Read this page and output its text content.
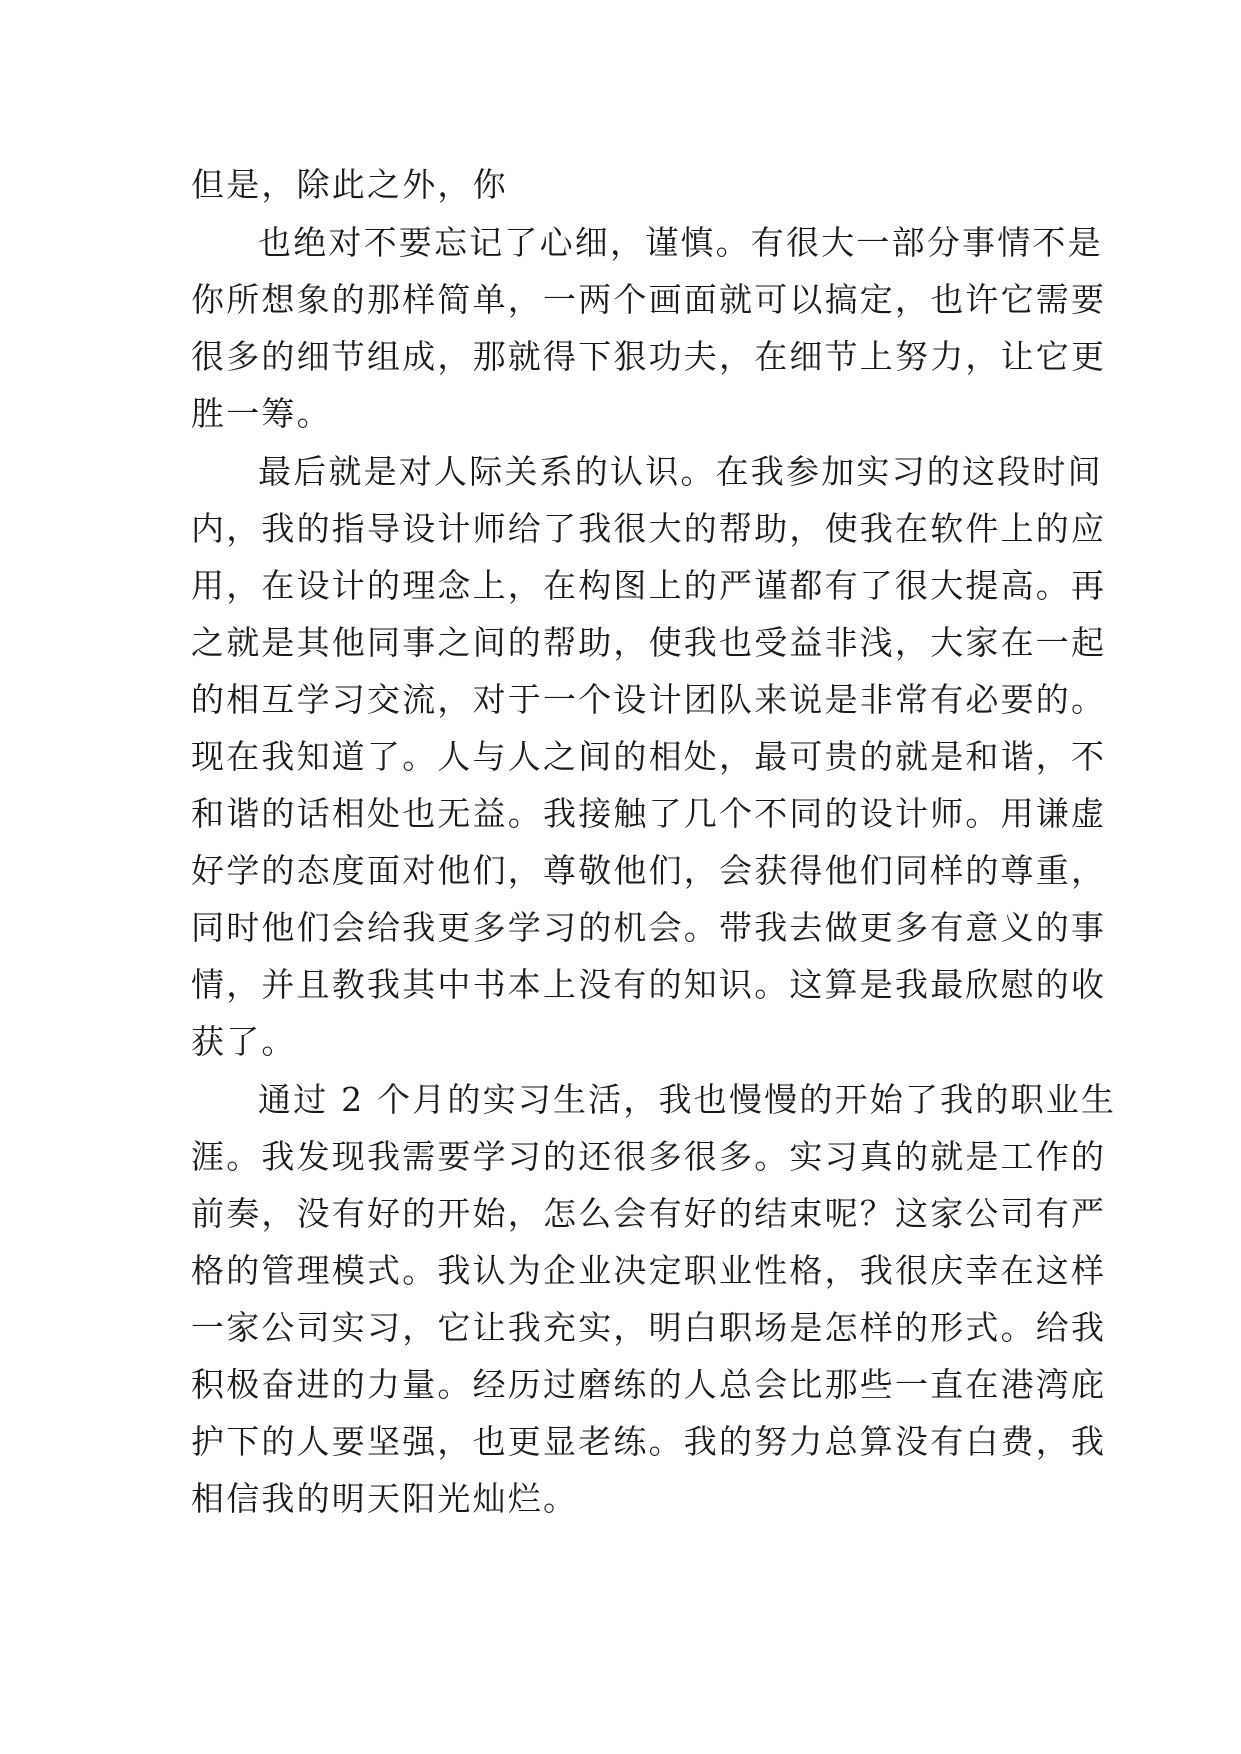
但是，除此之外，你
也绝对不要忘记了心细，谨慎。有很大一部分事情不是
你所想象的那样简单，一两个画面就可以搞定，也许它需要
很多的细节组成，那就得下狠功夫，在细节上努力，让它更
胜一筹。
最后就是对人际关系的认识。在我参加实习的这段时间
内，我的指导设计师给了我很大的帮助，使我在软件上的应
用，在设计的理念上，在构图上的严谨都有了很大提高。再
之就是其他同事之间的帮助，使我也受益非浅，大家在一起
的相互学习交流，对于一个设计团队来说是非常有必要的。
现在我知道了。人与人之间的相处，最可贵的就是和谐，不
和谐的话相处也无益。我接触了几个不同的设计师。用谦虚
好学的态度面对他们，尊敬他们，会获得他们同样的尊重，
同时他们会给我更多学习的机会。带我去做更多有意义的事
情，并且教我其中书本上没有的知识。这算是我最欣慰的收
获了。
通过 2 个月的实习生活，我也慢慢的开始了我的职业生
涯。我发现我需要学习的还很多很多。实习真的就是工作的
前奏，没有好的开始，怎么会有好的结束呢？这家公司有严
格的管理模式。我认为企业决定职业性格，我很庆幸在这样
一家公司实习，它让我充实，明白职场是怎样的形式。给我
积极奋进的力量。经历过磨练的人总会比那些一直在港湾庇
护下的人要坚强，也更显老练。我的努力总算没有白费，我
相信我的明天阳光灿烂。
